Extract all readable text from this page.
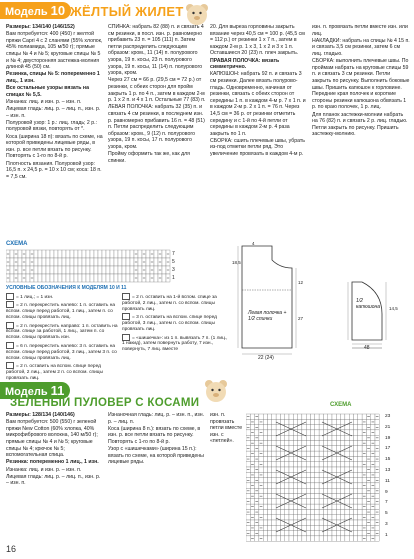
Модель 10 ЖЁЛТЫЙ ЖИЛЕТ

Размеры: 134/140 (146/152)

Вам потребуется: 400 (450) г желтой пряжи Capri 4 с 2 сланями (55% хлопок, 45% полиамида, 105 м/50 г); прямые спицы № 4 и № 5; круговые спицы № 5 и № 4; двусторонняя застежка-молния длиной 45 (50) см.

Резинка, спицы № 5: попеременно 1 лиц., 1 изн.

Все остальные узоры вязать на спицах № 5,5.

Изнанка: лиц. и изн. р. – изн. п.

Лицевая гладь: лиц. р. – лиц. п., изн. р. – изн. п.

Полуровой узор: 1 р.: лиц. гладь; 2 р.: полуровой вязки, повторять от *.

Коса (ширина 18 п): вязать по схеме, на которой приведены лицевые ряды, в изн. р. все петли вязать по рисунку. Повторять с 1-го по 8-й р.

Плотность вязания. Полуровой узор: 16,5 п. х 24,5 р. = 10 х 10 см; коса: 18 п. = 7,5 см.

СПИНКА: набрать 82 (88) п. и связать 4 см резинки, в посл. изн. р. равномерно прибавить 23 п. = 105 (111) п. Затем петли распределить следующим образом: кром., 11 (14) п. полурового узора, 19 п. косы, 23 п. полурового узора, 19 п. косы, 11 (14) п. полурового узора, кром.

Через 27 см = 66 р. (29,5 см = 72 р.) от резинки, с обеих сторон для пройм закрыть 1 р. по 4 п., затем в каждом 2-м р. 1 х 2 п. и 4 х 1 п. Остальные 77 (83) п.

ЛЕВАЯ ПОЛОЧКА: набрать 32 (35) п. и связать 4 см резинки, в последнем изн. р. равномерно прибавить 16 п. = 48 (51) п. Петли распределить следующим образом: кром., 9 (12) п. полурового узора, 19 п. косы, 17 п. полурового узора, кром.

Пройму оформить так же, как для спинки.

20. Для выреза горловины закрыть вязание через 40,5 см = 100 р. (45,5 см = 112 р.) от резинки 1 х 7 п., затем в каждом 2-м р. 1 х 3, 1 х 2 и 3 х 1 п. Оставшиеся 20 (23) п. плеч закрыть.

ПРАВАЯ ПОЛОЧКА: вязать симметрично.

КАПЮШОН: набрать 92 п. и связать 3 см резинки. Далее вязать полурово-гладь. Одновременно, начиная от резинки, связать с обеих сторон от середины 1 п. в каждом 4-м р. 7 х 1 п. и в каждом 2-м р. 2 х 1 п. = 76 п. Через 14,5 см = 36 р. от резинки отметить середину и с 1-й по 4-й петли от середины в каждом 2-м р. 4 раза закрыть по 1 п.

СБОРКА: сшить плечевые швы, убрать из-под отметки петли ряд. Это увеличение провязать в каждом 4-м р.

изн. п. провязать петли вместе изн. или лиц.

НАКЛАДКИ: набрать на спицы № 4 15 п. и связать 3,5 см резинки, затем 6 см лиц. гладью.

СБОРКА: выполнить плечевые швы. По проймам набрать на круговые спицы 59 п. и связать 3 см резинки. Петли закрыть по рисунку. Выполнить боковые швы. Пришить капюшон к горловине. Передние края полочек и короткие стороны резинки капюшона обвязать 1 р. по краю полочек, 1 р. лиц.

Для планок застежки-молнии набрать на 76 (82) п. и связать 2 р. лиц. гладью. Петли закрыть по рисунку. Пришить застежку-молнию.

СХЕМА
7
5
3
1
УСЛОВНЫЕ ОБОЗНАЧЕНИЯ К МОДЕЛЯМ 10 И 11

= 1 лиц.; = 1 изн.

= 2 п. перекрестить налево: 1 п. оставить на вспом. спице перед работой, 1 лиц., затем п. со вспом. спицы провязать лиц.

= 2 п. перекрестить направо: 1 п. оставить на вспом. спице за работой, 1 лиц., затем п. со вспом. спицы провязать изн.

= 6 п. перекрестить налево: 3 п. оставить на вспом. спице перед работой, 3 лиц., затем 3 п. со вспом. спицы провязать лиц.

= 2 п. оставить на вспом. спице перед работой, 2 лиц., затем 2 п. со вспом. спицы провязать лиц.

= 2 п. оставить на 1-й вспом. спице за работой, 2 лиц., затем п. со вспом. спицы провязать лиц.

= 3 п. оставить на вспом. спице перед работой, 3 лиц., затем п. со вспом. спицы провязать лиц.

= «шишечка»: из 1 п. вывязать 7 п. (1 лиц., 1 накид), затем повернуть работу, 7 изн., повернуть, 7 лиц. вместе

Левая полочка + 1/2 спинки
1/2 капюшона
22 (24)
48
4
18,5
12
27
14,5
Модель 11
ЗЕЛЁНЫЙ ПУЛОВЕР С КОСАМИ

Размеры: 128/134 (140/146)

Вам потребуется: 500 (550) г зеленой пряжи New Cotton (60% хлопка, 40% микрофибрового волокна, 140 м/50 г); прямые спицы № 4 и № 5; круговые спицы № 4; крючок № 5; вспомогательная спица.

Резинка: попеременно 1 лиц., 1 изн.

Изнанка: лиц. и изн. р. – изн. п.

Лицевая гладь: лиц. р. – лиц. п., изн. р. – изн. п.

Изнаночная гладь: лиц. р. – изн. п., изн. р. – лиц. п.

Коса (ширина 8 п.): вязать по схеме, в изн. р. все петли вязать по рисунку. Повторять с 1-го по 8-й р.

Узор с «шишечками» (ширина 15 п.): вязать по схеме, на которой приведены лицевые ряды.

изн. п. провязать петли вместе изн. с «петлей».

СХЕМА
23
21
19
17
15
13
11
9
7
5
3
1
16
